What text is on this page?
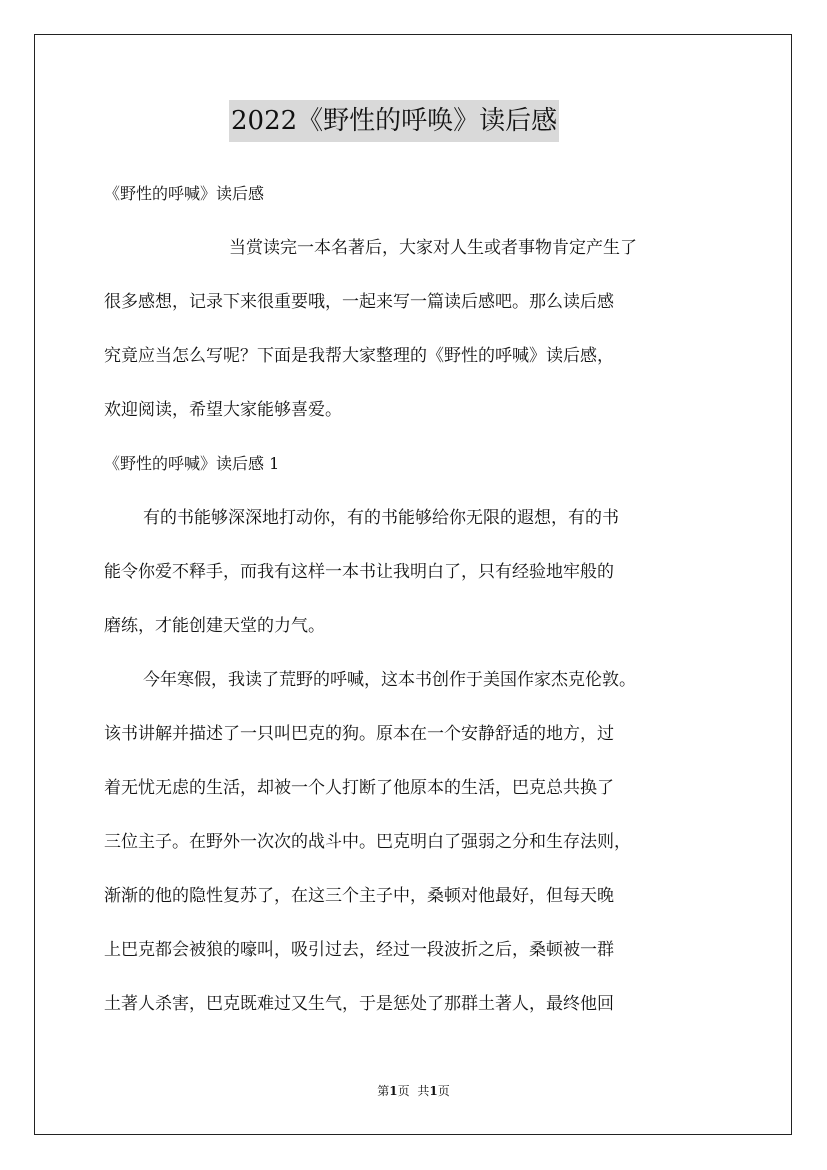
2022《野性的呼唤》读后感
《野性的呼喊》读后感
当赏读完一本名著后，大家对人生或者事物肯定产生了
很多感想，记录下来很重要哦，一起来写一篇读后感吧。那么读后感
究竟应当怎么写呢？下面是我帮大家整理的《野性的呼喊》读后感，
欢迎阅读，希望大家能够喜爱。
《野性的呼喊》读后感 1
有的书能够深深地打动你，有的书能够给你无限的遐想，有的书
能令你爱不释手，而我有这样一本书让我明白了，只有经验地牢般的
磨练，才能创建天堂的力气。
今年寒假，我读了荒野的呼喊，这本书创作于美国作家杰克伦敦。
该书讲解并描述了一只叫巴克的狗。原本在一个安静舒适的地方，过
着无忧无虑的生活，却被一个人打断了他原本的生活，巴克总共换了
三位主子。在野外一次次的战斗中。巴克明白了强弱之分和生存法则，
渐渐的他的隐性复苏了，在这三个主子中，桑顿对他最好，但每天晚
上巴克都会被狼的嚎叫，吸引过去，经过一段波折之后，桑顿被一群
土著人杀害，巴克既难过又生气，于是惩处了那群土著人，最终他回
第1页 共1页
